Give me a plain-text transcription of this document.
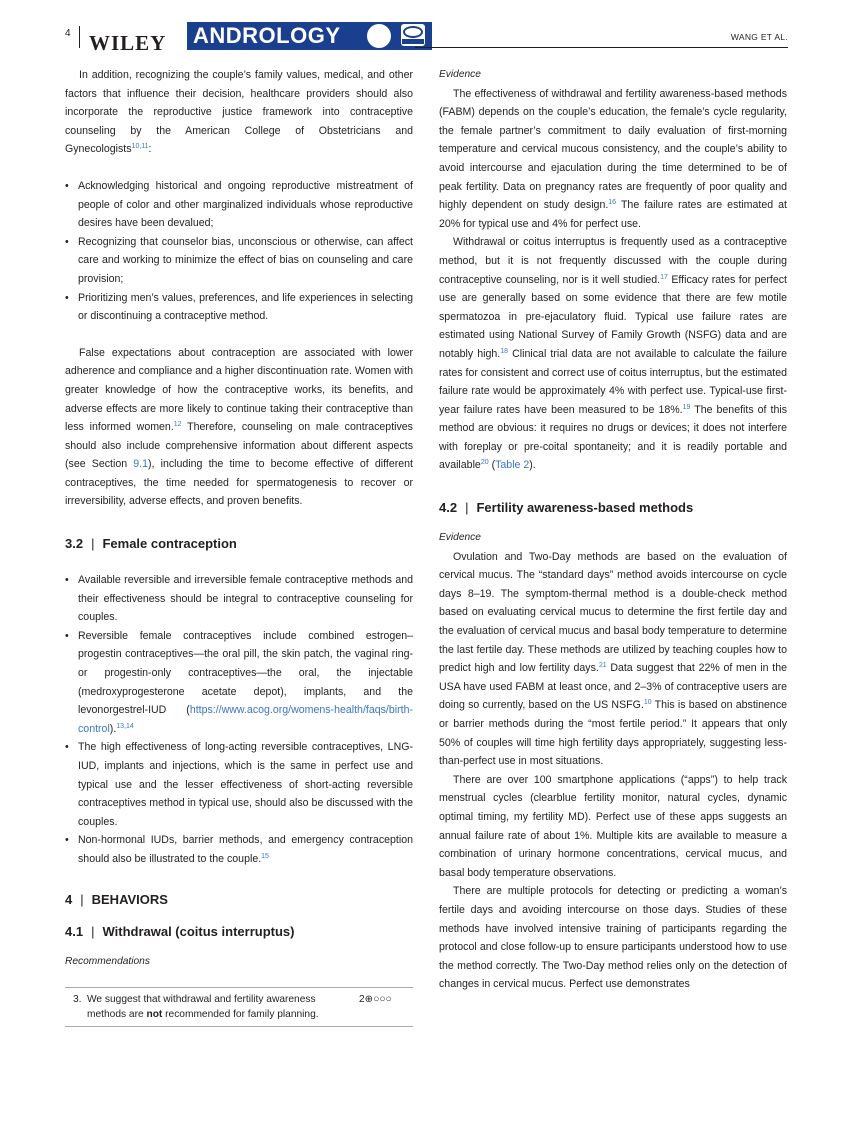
4 WILEY ANDROLOGY	WANG ET AL.

In addition, recognizing the couple’s family values, medical, and other factors that influence their decision, healthcare providers should also incorporate the reproductive justice framework into contraceptive counseling by the American College of Obstetricians and Gynecologists$^{10,11}$:

• Acknowledging historical and ongoing reproductive mistreatment of people of color and other marginalized individuals whose reproductive desires have been devalued;
• Recognizing that counselor bias, unconscious or otherwise, can affect care and working to minimize the effect of bias on counseling and care provision;
• Prioritizing men’s values, preferences, and life experiences in selecting or discontinuing a contraceptive method.

False expectations about contraception are associated with lower adherence and compliance and a higher discontinuation rate. Women with greater knowledge of how the contraceptive works, its benefits, and adverse effects are more likely to continue taking their contraceptive than less informed women.$^{12}$ Therefore, counseling on male contraceptives should also include comprehensive information about different aspects (see Section 9.1), including the time to become effective of different contraceptives, the time needed for spermatogenesis to recover or irreversibility, adverse effects, and proven benefits.

3.2 | Female contraception
• Available reversible and irreversible female contraceptive methods and their effectiveness should be integral to contraceptive counseling for couples.
• Reversible female contraceptives include combined estrogen–progestin contraceptives—the oral pill, the skin patch, the vaginal ring- or progestin-only contraceptives—the oral, the injectable (medroxyprogesterone acetate depot), implants, and the levonorgestrel-IUD (https://www.acog.org/womens-health/faqs/birth-control).$^{13,14}$
• The high effectiveness of long-acting reversible contraceptives, LNG-IUD, implants and injections, which is the same in perfect use and typical use and the lesser effectiveness of short-acting reversible contraceptives method in typical use, should also be discussed with the couples.
• Non-hormonal IUDs, barrier methods, and emergency contraception should also be illustrated to the couple.$^{15}$
4 | BEHAVIORS
4.1 | Withdrawal (coitus interruptus)
Recommendations
3. We suggest that withdrawal and fertility awareness methods are not recommended for family planning.
2⊕○○○
Evidence

The effectiveness of withdrawal and fertility awareness-based methods (FABM) depends on the couple’s education, the female’s cycle regularity, the female partner’s commitment to daily evaluation of first-morning temperature and cervical mucous consistency, and the couple’s ability to avoid intercourse and ejaculation during the time determined to be of peak fertility. Data on pregnancy rates are frequently of poor quality and highly dependent on study design.$^{16}$ The failure rates are estimated at 20% for typical use and 4% for perfect use.

Withdrawal or coitus interruptus is frequently used as a contraceptive method, but it is not frequently discussed with the couple during contraceptive counseling, nor is it well studied.$^{17}$ Efficacy rates for perfect use are generally based on some evidence that there are few motile spermatozoa in pre-ejaculatory fluid. Typical use failure rates are estimated using National Survey of Family Growth (NSFG) data and are notably high.$^{18}$ Clinical trial data are not available to calculate the failure rates for consistent and correct use of coitus interruptus, but the estimated failure rate would be approximately 4% with perfect use. Typical-use first-year failure rates have been measured to be 18%.$^{19}$ The benefits of this method are obvious: it requires no drugs or devices; it does not interfere with foreplay or pre-coital spontaneity; and it is readily portable and available$^{20}$ (Table 2).

4.2 | Fertility awareness-based methods
Evidence

Ovulation and Two-Day methods are based on the evaluation of cervical mucus. The “standard days” method avoids intercourse on cycle days 8–19. The symptom-thermal method is a double-check method based on evaluating cervical mucus to determine the first fertile day and the evaluation of cervical mucus and basal body temperature to determine the last fertile day. These methods are utilized by teaching couples how to predict high and low fertility days.$^{21}$ Data suggest that 22% of men in the USA have used FABM at least once, and 2–3% of contraceptive users are doing so currently, based on the US NSFG.$^{10}$ This is based on abstinence or barrier methods during the “most fertile period.” It appears that only 50% of couples will time high fertility days appropriately, suggesting less-than-perfect use in most situations.

There are over 100 smartphone applications (“apps”) to help track menstrual cycles (clearblue fertility monitor, natural cycles, dynamic optimal timing, my fertility MD). Perfect use of these apps suggests an annual failure rate of about 1%. Multiple kits are available to measure a combination of urinary hormone concentrations, cervical mucus, and basal body temperature observations.

There are multiple protocols for detecting or predicting a woman’s fertile days and avoiding intercourse on those days. Studies of these methods have involved intensive training of participants regarding the protocol and close follow-up to ensure participants understood how to use the method correctly. The Two-Day method relies only on the detection of changes in cervical mucus. Perfect use demonstrates
